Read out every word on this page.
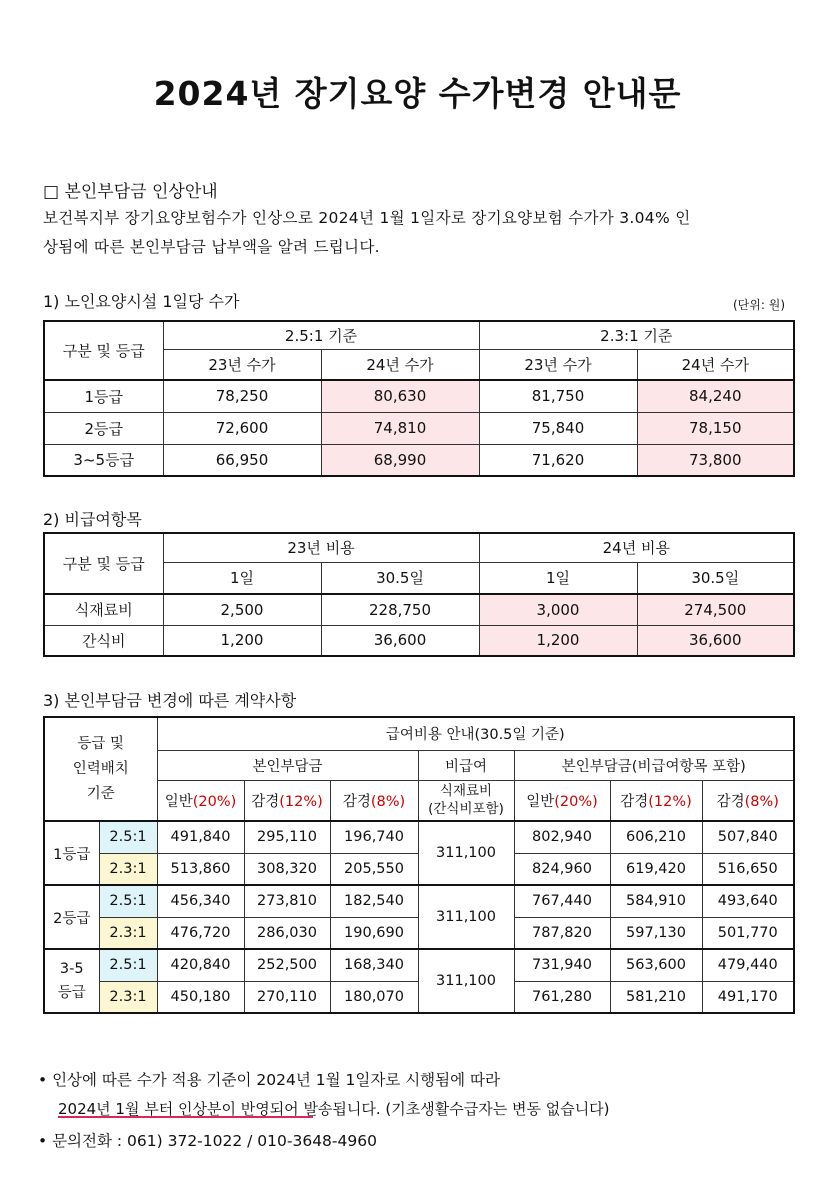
2024년 장기요양 수가변경 안내문
□ 본인부담금 인상안내
보건복지부 장기요양보험수가 인상으로 2024년 1월 1일자로 장기요양보험 수가가 3.04% 인
상됨에 따른 본인부담금 납부액을 알려 드립니다.
1) 노인요양시설 1일당 수가	(단위: 원)
구분 및 등급	2.5:1 기준		2.3:1 기준	
	23년 수가	24년 수가	23년 수가	24년 수가
1등급	78,250	80,630	81,750	84,240
2등급	72,600	74,810	75,840	78,150
3~5등급	66,950	68,990	71,620	73,800
2) 비급여항목
구분 및 등급	23년 비용		24년 비용	
	1일	30.5일	1일	30.5일
식재료비	2,500	228,750	3,000	274,500
간식비	1,200	36,600	1,200	36,600
3) 본인부담금 변경에 따른 계약사항
등급 및
인력배치
기준		급여비용 안내(30.5일 기준)						
		본인부담금			비급여	본인부담금(비급여항목 포함)		
		일반(20%)	감경(12%)	감경(8%)	식재료비
(간식비포함)	일반(20%)	감경(12%)	감경(8%)
1등급	2.5:1	491,840	295,110	196,740	311,100	802,940	606,210	507,840
	2.3:1	513,860	308,320	205,550		824,960	619,420	516,650
2등급	2.5:1	456,340	273,810	182,540	311,100	767,440	584,910	493,640
	2.3:1	476,720	286,030	190,690		787,820	597,130	501,770

3-5
등급	2.5:1	420,840	252,500	168,340	311,100	731,940	563,600	479,440
	2.3:1	450,180	270,110	180,070		761,280	581,210	491,170
• 인상에 따른 수가 적용 기준이 2024년 1월 1일자로 시행됨에 따라
2024년 1월 부터 인상분이 반영되어 발송됩니다. (기초생활수급자는 변동 없습니다)
• 문의전화 : 061) 372-1022 / 010-3648-4960
